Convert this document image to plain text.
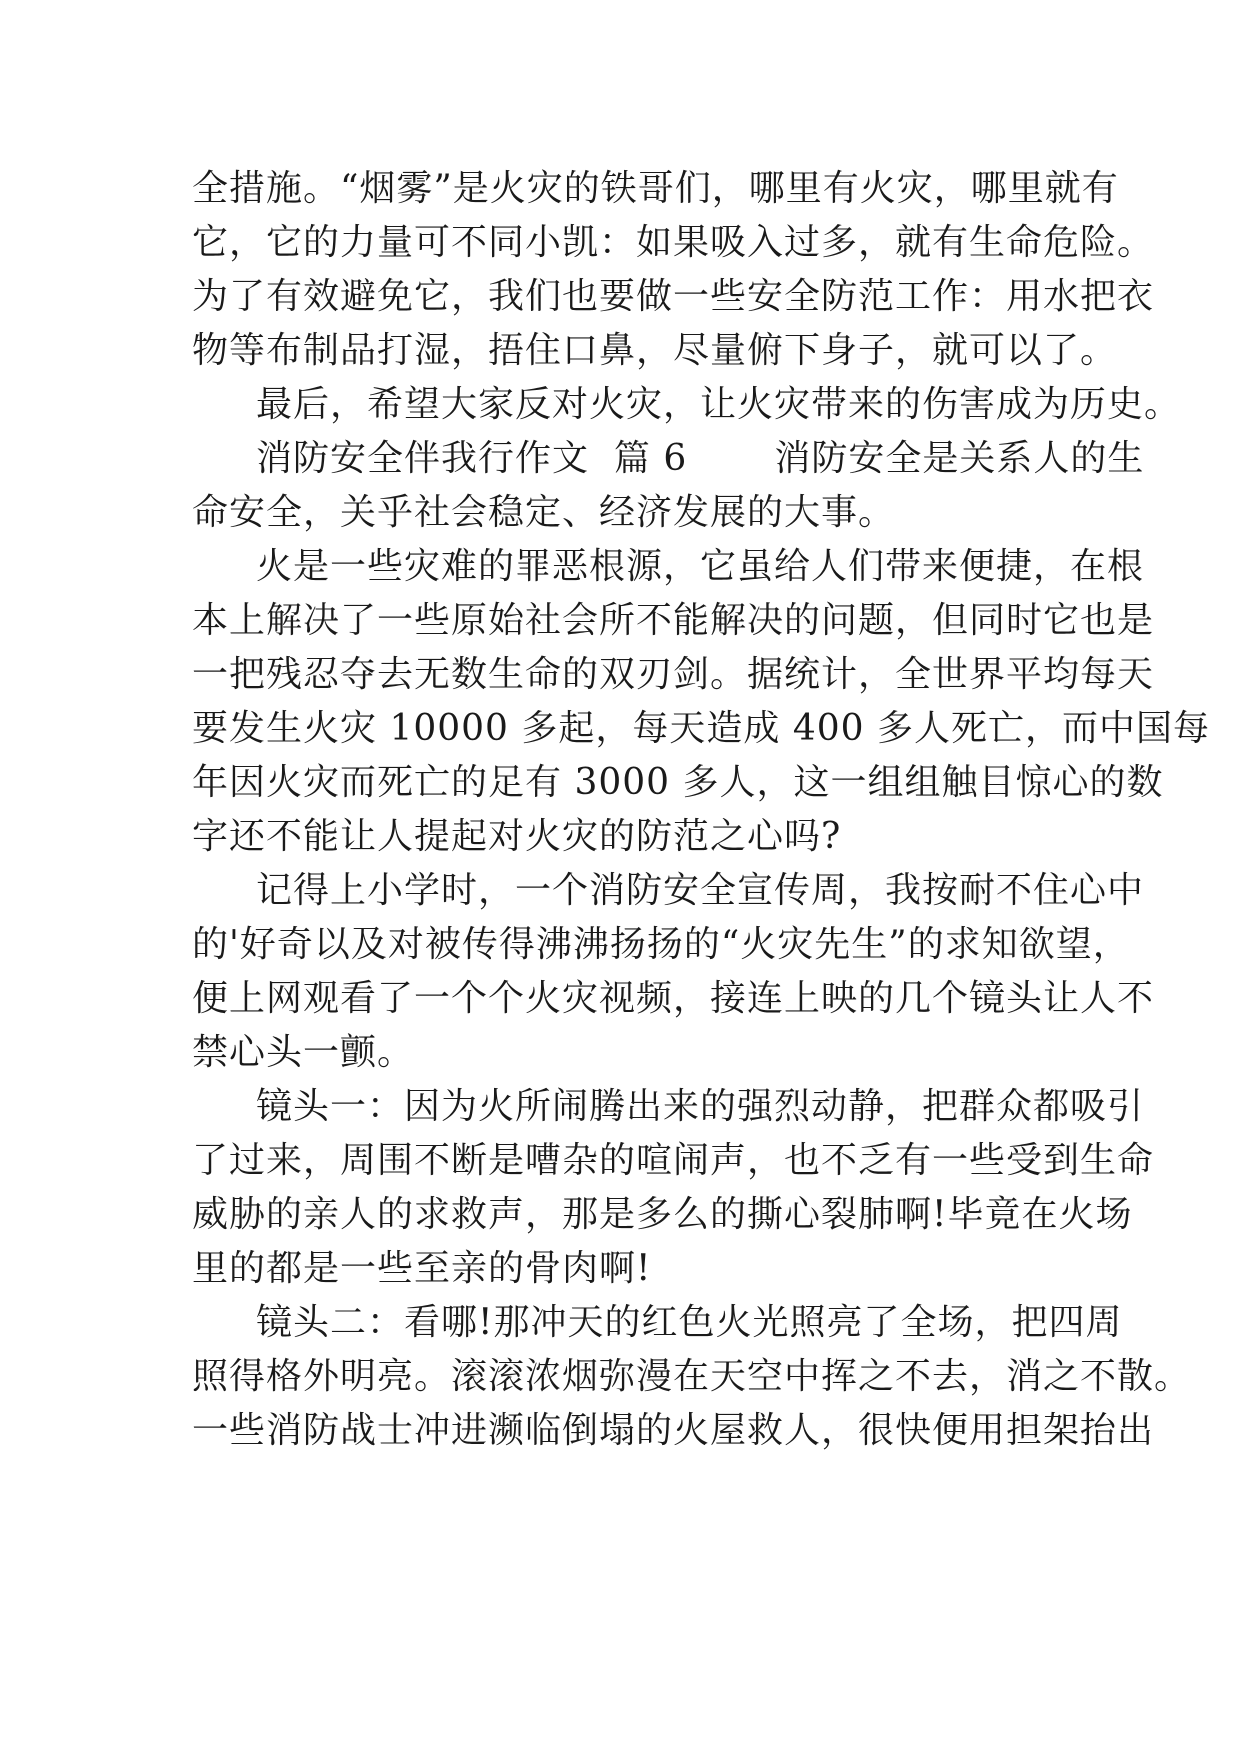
全措施。“烟雾”是火灾的铁哥们，哪里有火灾，哪里就有
它，它的力量可不同小凯：如果吸入过多，就有生命危险。
为了有效避免它，我们也要做一些安全防范工作：用水把衣
物等布制品打湿，捂住口鼻，尽量俯下身子，就可以了。
最后，希望大家反对火灾，让火灾带来的伤害成为历史。
消防安全伴我行作文  篇 6       消防安全是关系人的生
命安全，关乎社会稳定、经济发展的大事。
火是一些灾难的罪恶根源，它虽给人们带来便捷，在根
本上解决了一些原始社会所不能解决的问题，但同时它也是
一把残忍夺去无数生命的双刃剑。据统计，全世界平均每天
要发生火灾 10000 多起，每天造成 400 多人死亡，而中国每
年因火灾而死亡的足有 3000 多人，这一组组触目惊心的数
字还不能让人提起对火灾的防范之心吗?
记得上小学时，一个消防安全宣传周，我按耐不住心中
的'好奇以及对被传得沸沸扬扬的“火灾先生”的求知欲望，
便上网观看了一个个火灾视频，接连上映的几个镜头让人不
禁心头一颤。
镜头一：因为火所闹腾出来的强烈动静，把群众都吸引
了过来，周围不断是嘈杂的喧闹声，也不乏有一些受到生命
威胁的亲人的求救声，那是多么的撕心裂肺啊!毕竟在火场
里的都是一些至亲的骨肉啊!
镜头二：看哪!那冲天的红色火光照亮了全场，把四周
照得格外明亮。滚滚浓烟弥漫在天空中挥之不去，消之不散。
一些消防战士冲进濒临倒塌的火屋救人，很快便用担架抬出
